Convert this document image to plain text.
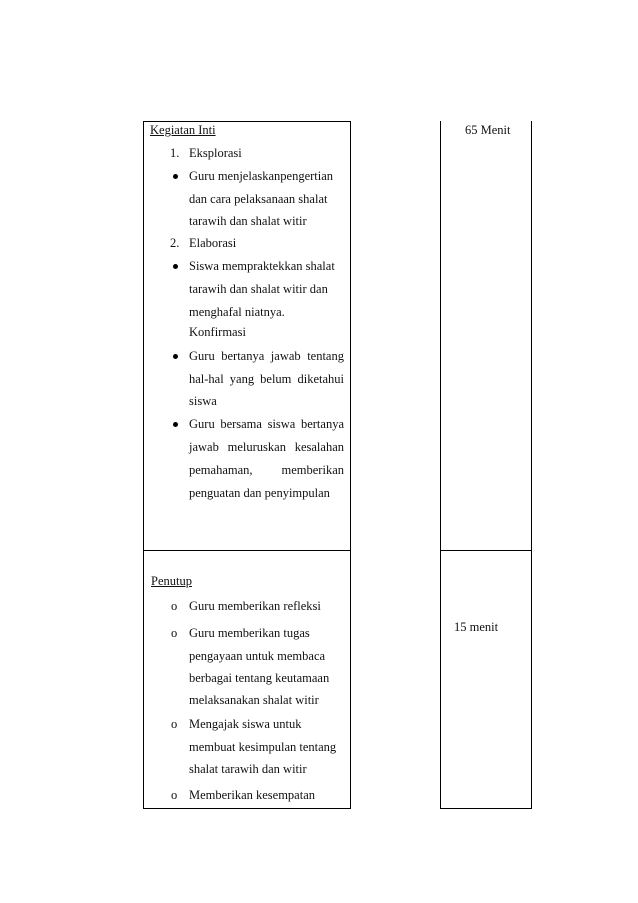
Kegiatan Inti	65 Menit
1. Eksplorasi
Guru menjelaskanpengertian
dan cara pelaksanaan shalat
tarawih dan shalat witir
2. Elaborasi
Siswa mempraktekkan shalat
tarawih dan shalat witir dan
menghafal niatnya.
Konfirmasi
Guru bertanya jawab tentang
hal-hal yang belum diketahui
siswa
Guru bersama siswa bertanya
jawab meluruskan kesalahan
pemahaman, memberikan
penguatan dan penyimpulan
Penutup
15 menit
o Guru memberikan refleksi
o Guru memberikan tugas
pengayaan untuk membaca
berbagai tentang keutamaan
melaksanakan shalat witir
o Mengajak siswa untuk
membuat kesimpulan tentang
shalat tarawih dan witir
o Memberikan kesempatan
